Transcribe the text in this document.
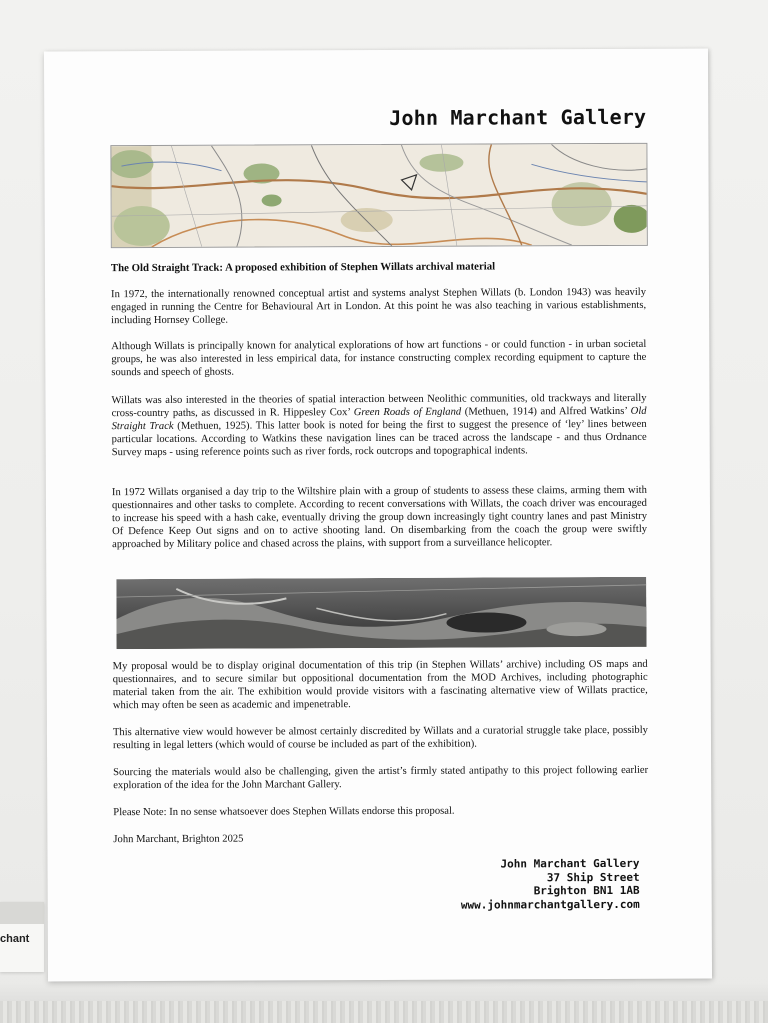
chant
John Marchant Gallery

The Old Straight Track: A proposed exhibition of Stephen Willats archival material

In 1972, the internationally renowned conceptual artist and systems analyst Stephen Willats (b. London 1943) was heavily engaged in running the Centre for Behavioural Art in London. At this point he was also teaching in various establishments, including Hornsey College.

Although Willats is principally known for analytical explorations of how art functions - or could function - in urban societal groups, he was also interested in less empirical data, for instance constructing complex recording equipment to capture the sounds and speech of ghosts.

Willats was also interested in the theories of spatial interaction between Neolithic communities, old trackways and literally cross-country paths, as discussed in R. Hippesley Cox’ Green Roads of England (Methuen, 1914) and Alfred Watkins’ Old Straight Track (Methuen, 1925). This latter book is noted for being the first to suggest the presence of ‘ley’ lines between particular locations. According to Watkins these navigation lines can be traced across the landscape - and thus Ordnance Survey maps - using reference points such as river fords, rock outcrops and topographical indents.

In 1972 Willats organised a day trip to the Wiltshire plain with a group of students to assess these claims, arming them with questionnaires and other tasks to complete. According to recent conversations with Willats, the coach driver was encouraged to increase his speed with a hash cake, eventually driving the group down increasingly tight country lanes and past Ministry Of Defence Keep Out signs and on to active shooting land. On disembarking from the coach the group were swiftly approached by Military police and chased across the plains, with support from a surveillance helicopter.

My proposal would be to display original documentation of this trip (in Stephen Willats’ archive) including OS maps and questionnaires, and to secure similar but oppositional documentation from the MOD Archives, including photographic material taken from the air. The exhibition would provide visitors with a fascinating alternative view of Willats practice, which may often be seen as academic and impenetrable.

This alternative view would however be almost certainly discredited by Willats and a curatorial struggle take place, possibly resulting in legal letters (which would of course be included as part of the exhibition).

Sourcing the materials would also be challenging, given the artist’s firmly stated antipathy to this project following earlier exploration of the idea for the John Marchant Gallery.

Please Note: In no sense whatsoever does Stephen Willats endorse this proposal.

John Marchant, Brighton 2025

John Marchant Gallery
37 Ship Street
Brighton BN1 1AB
www.johnmarchantgallery.com
